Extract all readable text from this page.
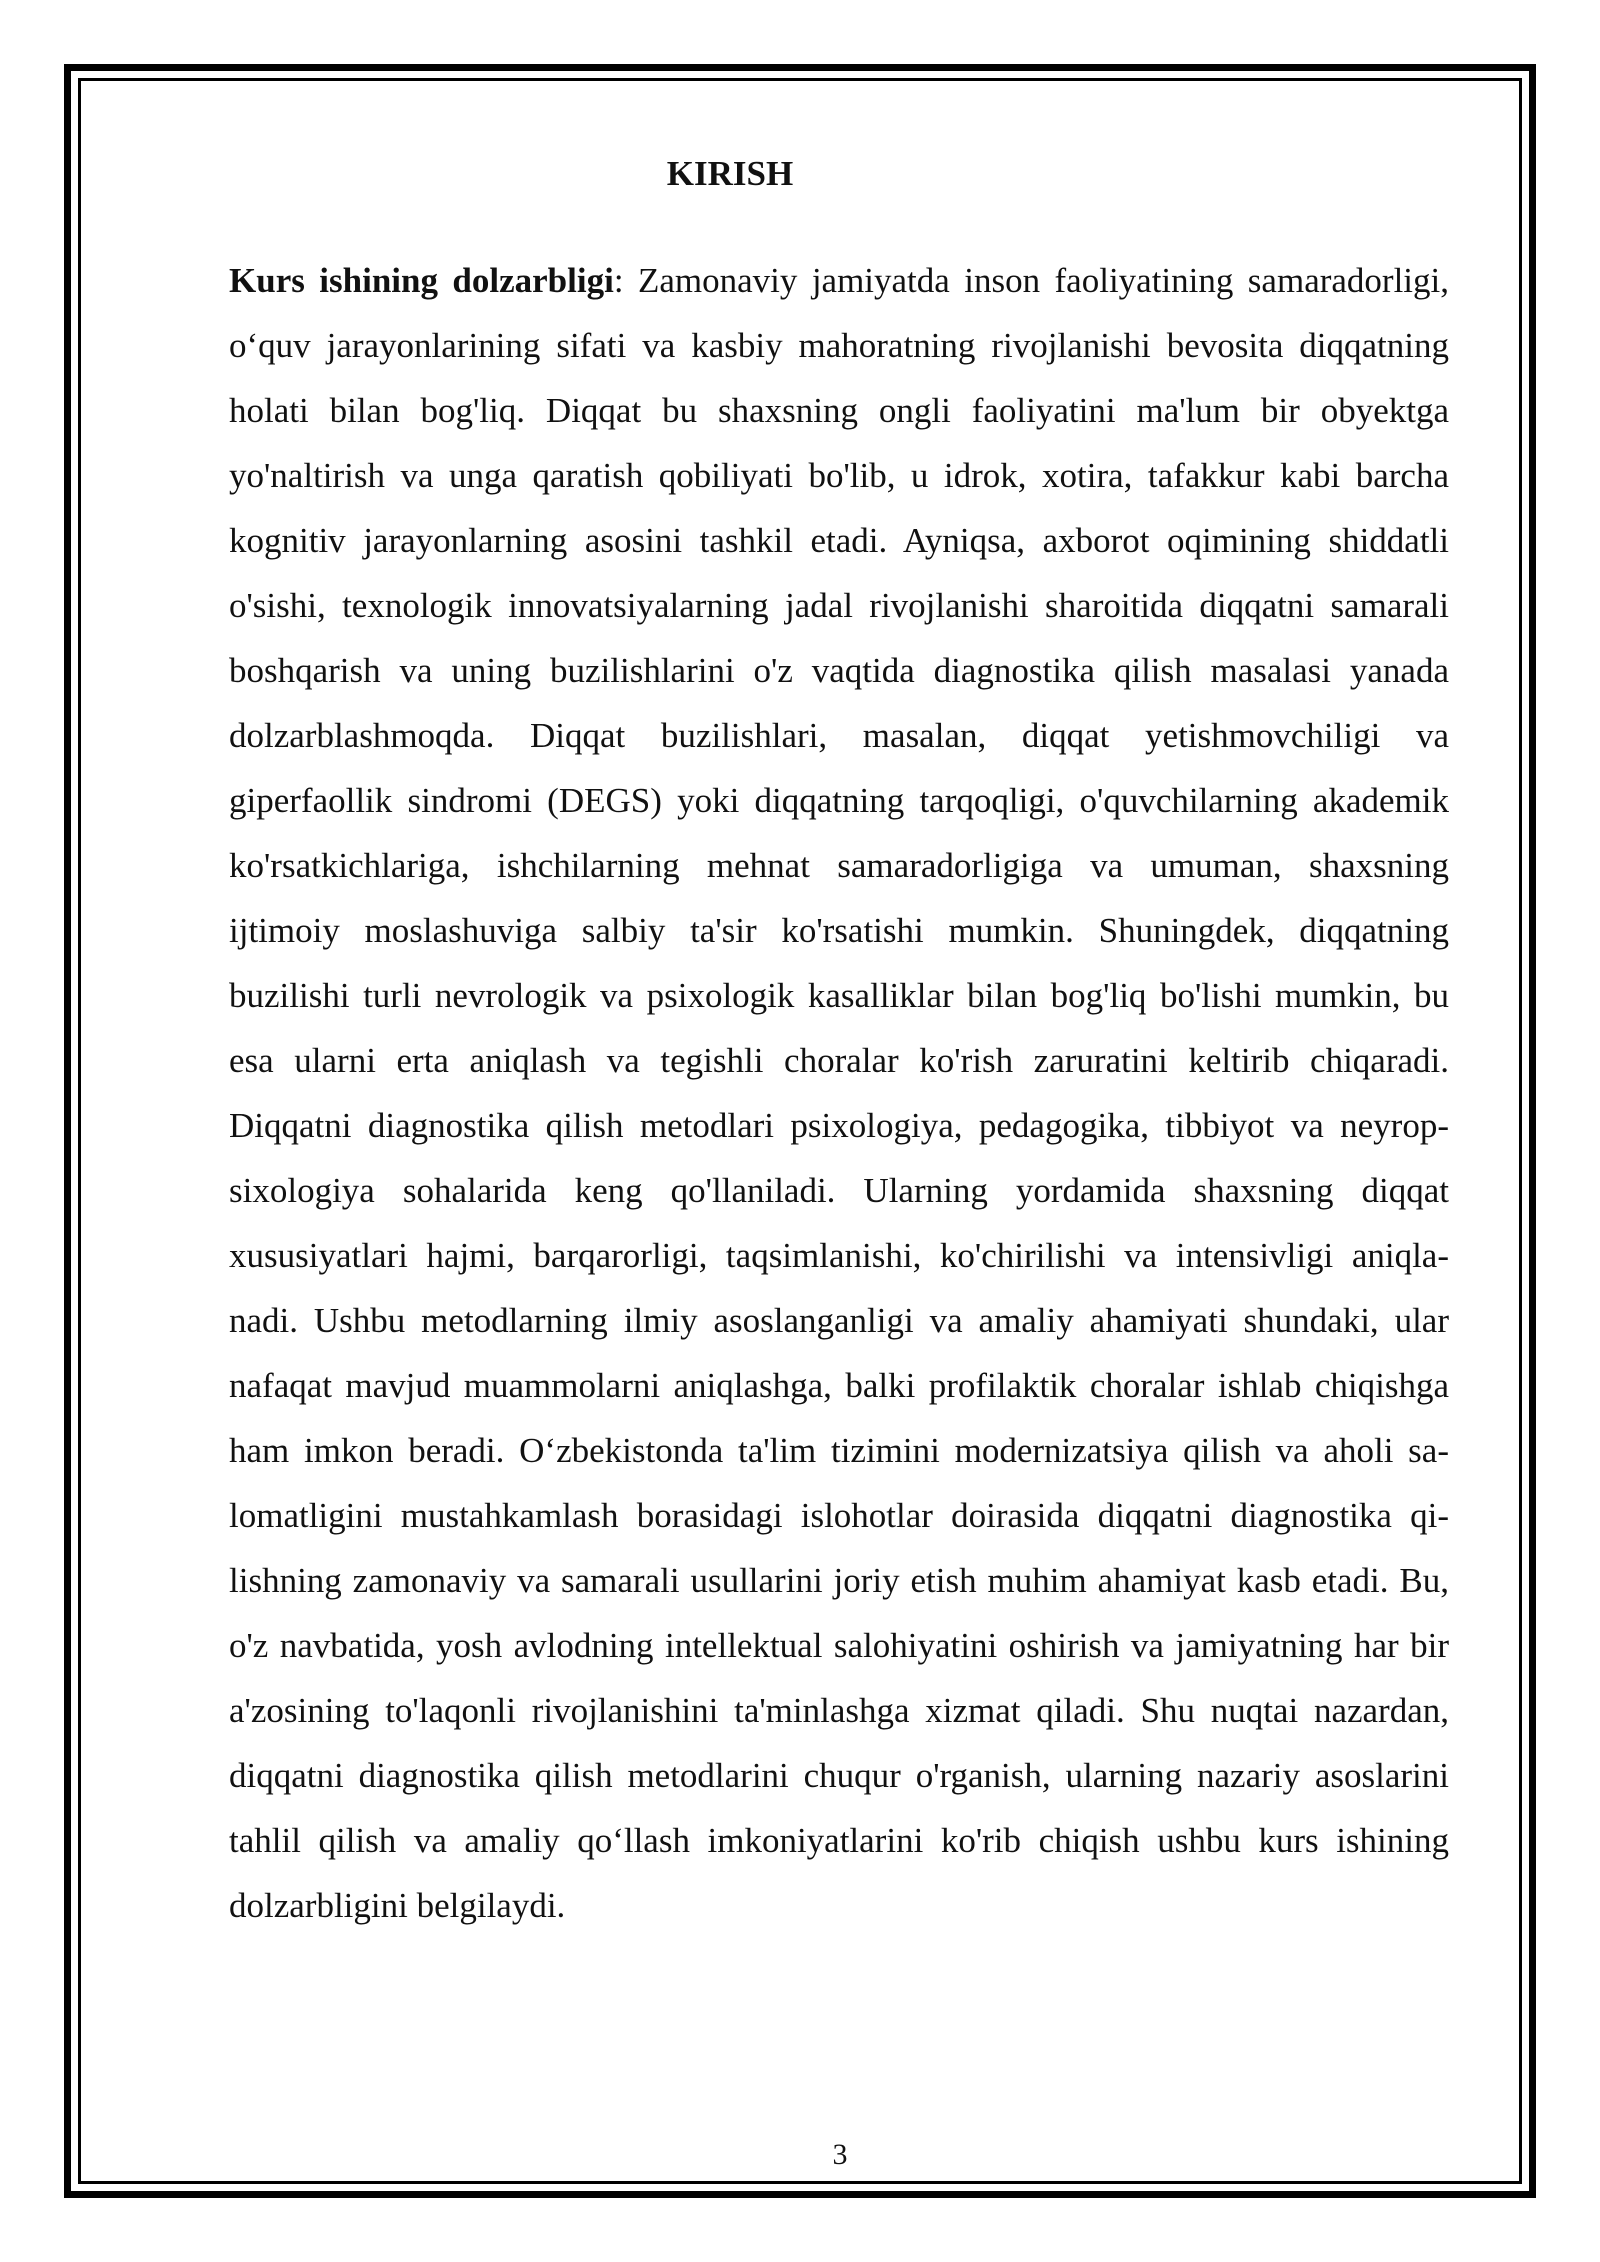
KIRISH

Kurs ishining dolzarbligi: Zamonaviy jamiyatda inson faoliyatining samaradorligi, o‘quv jarayonlarining sifati va kasbiy mahoratning rivojlanishi bevosita diqqatning holati bilan bog'liq. Diqqat bu shaxsning ongli faoliyatini ma'lum bir obyektga yo'naltirish va unga qaratish qobiliyati bo'lib, u idrok, xotira, tafakkur kabi barcha kognitiv jarayonlarning asosini tashkil etadi. Ayniqsa, axborot oqimining shiddatli o'sishi, texnologik innovatsiyalarning jadal rivojlanishi sharoitida diqqatni samarali boshqarish va uning buzilishlarini o'z vaqtida diagnostika qilish masalasi yanada dolzarblashmoqda. Diqqat buzilishlari, masalan, diqqat yetishmovchiligi va giperfaollik sindromi (DEGS) yoki diqqatning tarqoqligi, o'quvchilarning akademik ko'rsatkichlariga, ishchilarning mehnat samaradorligiga va umuman, shaxsning ijtimoiy moslashuviga salbiy ta'sir ko'rsatishi mumkin. Shuningdek, diqqatning buzilishi turli nevrologik va psixologik kasalliklar bilan bog'liq bo'lishi mumkin, bu esa ularni erta aniqlash va tegishli choralar ko'rish zaruratini keltirib chiqaradi. Diqqatni diagnostika qilish metodlari psixologiya, pedagogika, tibbiyot va neyrop-sixologiya sohalarida keng qo'llaniladi. Ularning yordamida shaxsning diqqat xususiyatlari hajmi, barqarorligi, taqsimlanishi, ko'chirilishi va intensivligi aniqla-nadi. Ushbu metodlarning ilmiy asoslanganligi va amaliy ahamiyati shundaki, ular nafaqat mavjud muammolarni aniqlashga, balki profilaktik choralar ishlab chiqishga ham imkon beradi. O‘zbekistonda ta'lim tizimini modernizatsiya qilish va aholi sa-lomatligini mustahkamlash borasidagi islohotlar doirasida diqqatni diagnostika qi-lishning zamonaviy va samarali usullarini joriy etish muhim ahamiyat kasb etadi. Bu, o'z navbatida, yosh avlodning intellektual salohiyatini oshirish va jamiyatning har bir a'zosining to'laqonli rivojlanishini ta'minlashga xizmat qiladi. Shu nuqtai nazardan, diqqatni diagnostika qilish metodlarini chuqur o'rganish, ularning nazariy asoslarini tahlil qilish va amaliy qo‘llash imkoniyatlarini ko'rib chiqish ushbu kurs ishining dolzarbligini belgilaydi.

3
